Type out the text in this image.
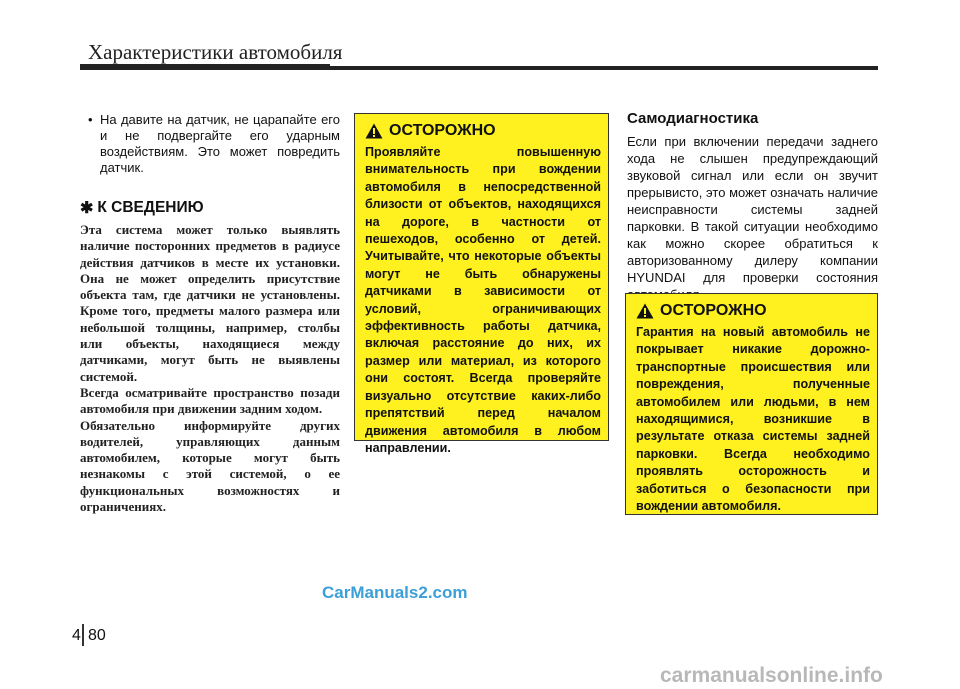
Характеристики автомобиля
• На давите на датчик, не царапайте его и не подвергайте его ударным воздействиям. Это может повредить датчик.
✱ К СВЕДЕНИЮ

Эта система может только выявлять наличие посторонних предметов в радиусе действия датчиков в месте их установки. Она не может определить присутствие объекта там, где датчики не установлены. Кроме того, предметы малого размера или небольшой толщины, например, столбы или объекты, находящиеся между датчиками, могут быть не выявлены системой.

Всегда осматривайте пространство позади автомобиля при движении задним ходом.

Обязательно информируйте других водителей, управляющих данным автомобилем, которые могут быть незнакомы с этой системой, о ее функциональных возможностях и ограничениях.

ОСТОРОЖНО
Проявляйте повышенную внимательность при вождении автомобиля в непосредственной близости от объектов, находящихся на дороге, в частности от пешеходов, особенно от детей. Учитывайте, что некоторые объекты могут не быть обнаружены датчиками в зависимости от условий, ограничивающих эффективность работы датчика, включая расстояние до них, их размер или материал, из которого они состоят. Всегда проверяйте визуально отсутствие каких-либо препятствий перед началом движения автомобиля в любом направлении.
Самодиагностика
Если при включении передачи заднего хода не слышен предупреждающий звуковой сигнал или если он звучит прерывисто, это может означать наличие неисправности системы задней парковки. В такой ситуации необходимо как можно скорее обратиться к авторизованному дилеру компании HYUNDAI для проверки состояния
ОСТОРОЖНО
Гарантия на новый автомобиль не покрывает никакие дорожно-транспортные происшествия или повреждения, полученные автомобилем или людьми, в нем находящимися, возникшие в результате отказа системы задней парковки. Всегда необходимо проявлять осторожность и заботиться о безопасности при вождении автомобиля.
4 80
CarManuals2.com
carmanualsonline.info
